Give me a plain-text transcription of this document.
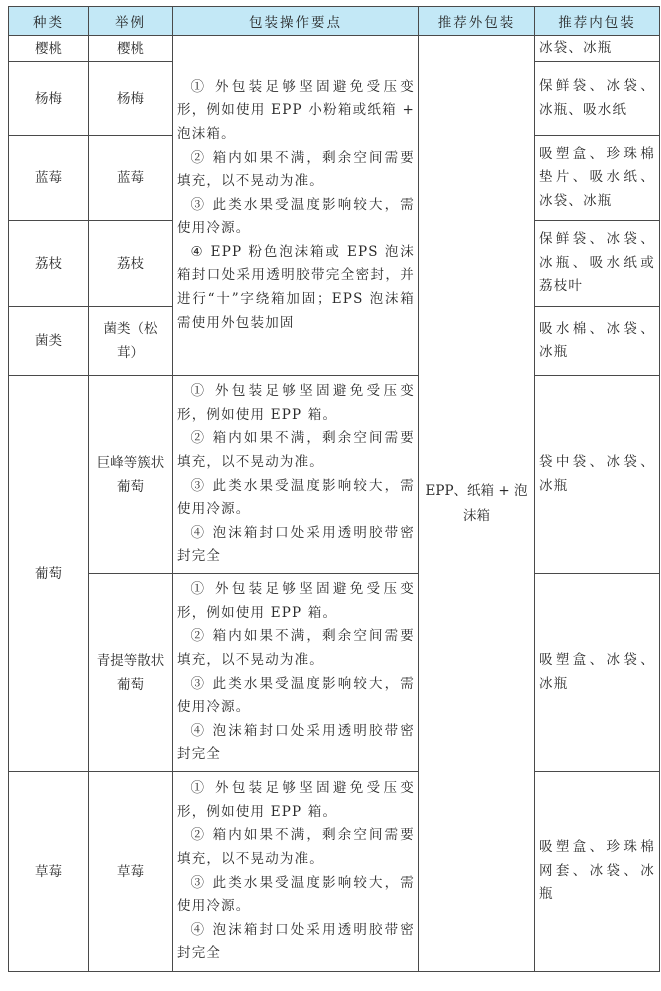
种类	举例	包装操作要点	推荐外包装	推荐内包装
樱桃	樱桃	① 外包装足够坚固避免受压变形，例如使用 EPP 小粉箱或纸箱 + 泡沫箱。

② 箱内如果不满，剩余空间需要填充，以不晃动为准。

③ 此类水果受温度影响较大，需使用冷源。

④ EPP 粉色泡沫箱或 EPS 泡沫箱封口处采用透明胶带完全密封，并进行“十”字绕箱加固；EPS 泡沫箱需使用外包装加固	EPP、纸箱 + 泡沫箱	冰袋、冰瓶
杨梅	杨梅			保鲜袋、冰袋、冰瓶、吸水纸
蓝莓	蓝莓			吸塑盒、珍珠棉垫片、吸水纸、冰袋、冰瓶
荔枝	荔枝			保鲜袋、冰袋、冰瓶、吸水纸或荔枝叶
菌类	菌类（松茸）			吸水棉、冰袋、冰瓶
葡萄	巨峰等簇状葡萄	① 外包装足够坚固避免受压变形，例如使用 EPP 箱。

② 箱内如果不满，剩余空间需要填充，以不晃动为准。

③ 此类水果受温度影响较大，需使用冷源。

④ 泡沫箱封口处采用透明胶带密封完全		袋中袋、冰袋、冰瓶
	青提等散状葡萄	① 外包装足够坚固避免受压变形，例如使用 EPP 箱。

② 箱内如果不满，剩余空间需要填充，以不晃动为准。

③ 此类水果受温度影响较大，需使用冷源。

④ 泡沫箱封口处采用透明胶带密封完全		吸塑盒、冰袋、冰瓶
草莓	草莓	① 外包装足够坚固避免受压变形，例如使用 EPP 箱。

② 箱内如果不满，剩余空间需要填充，以不晃动为准。

③ 此类水果受温度影响较大，需使用冷源。

④ 泡沫箱封口处采用透明胶带密封完全		吸塑盒、珍珠棉网套、冰袋、冰瓶
